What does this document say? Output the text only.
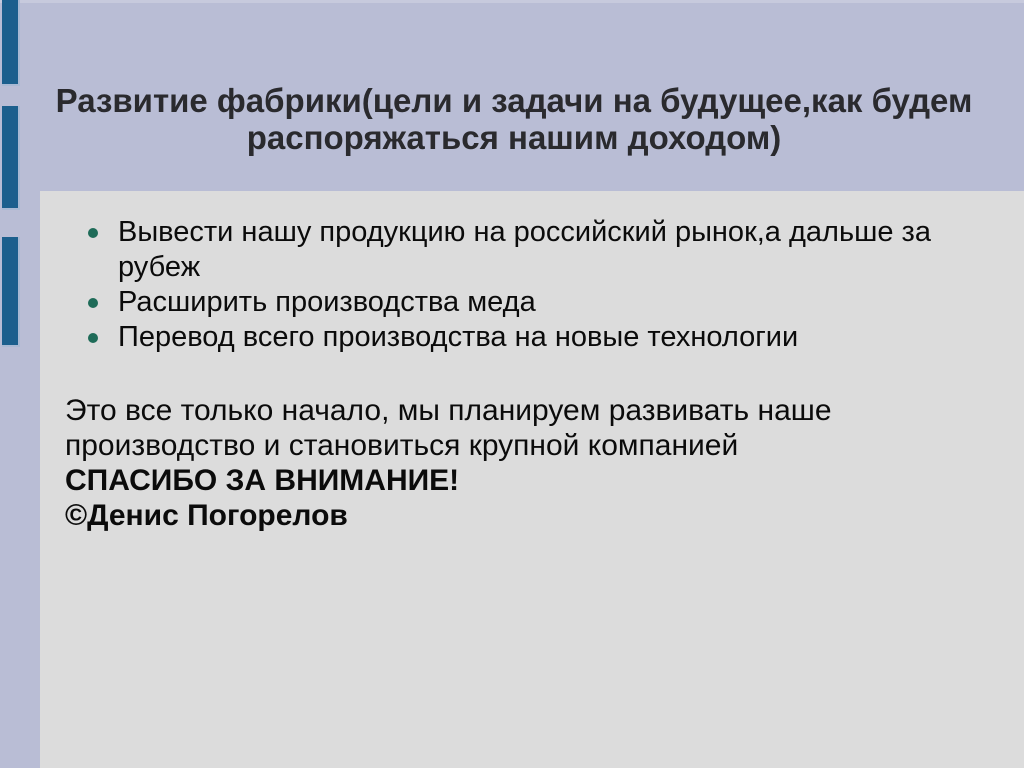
Развитие фабрики(цели и задачи на будущее,как будем распоряжаться нашим доходом)
Вывести нашу продукцию на российский рынок,а дальше за рубеж
Расширить производства меда
Перевод всего производства на новые технологии
Это все только начало, мы планируем развивать наше производство и становиться крупной компанией
СПАСИБО ЗА ВНИМАНИЕ!
©Денис Погорелов
